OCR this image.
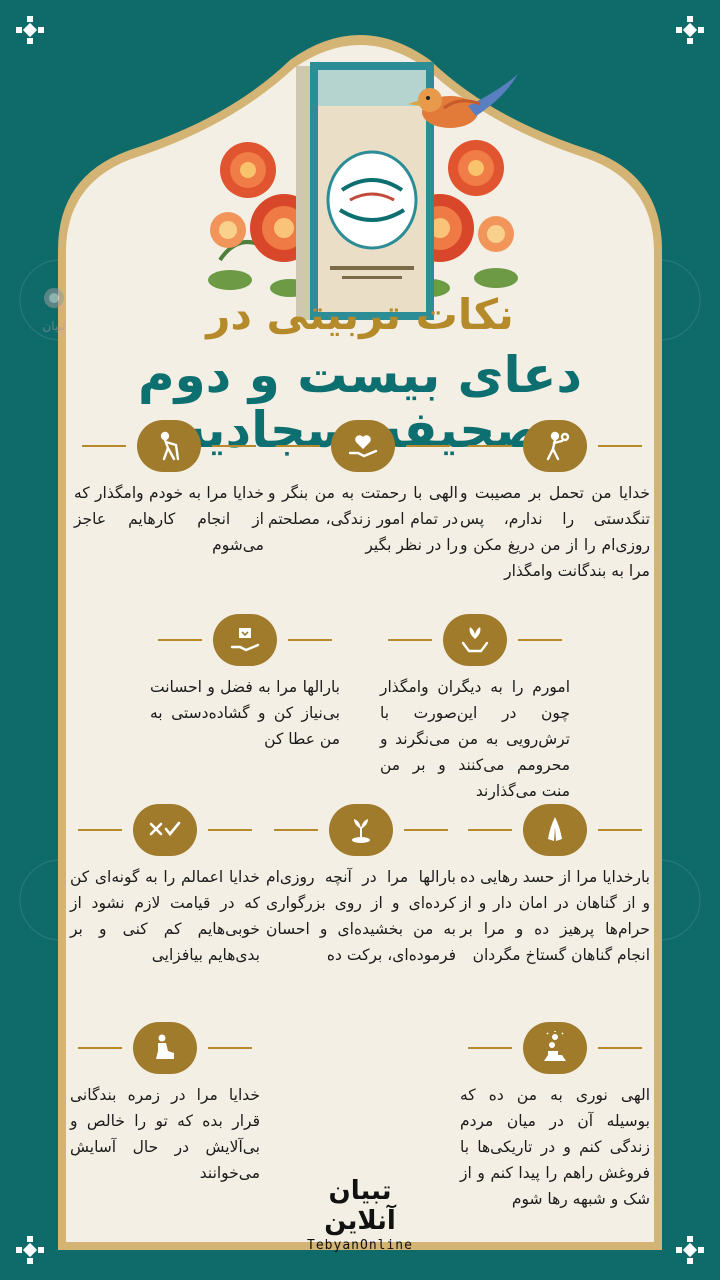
تبیان	نکات تربیتی در
دعای بیست و دوم صحیفه سجادیه
خدایا من تحمل بر مصیبت و تنگدستی را ندارم، پس روزی‌ام را از من دریغ مکن و مرا به بندگانت وامگذار
الهی با رحمتت به من بنگر و در تمام امور زندگی، مصلحتم را در نظر بگیر
خدایا مرا به خودم وامگذار که از انجام کارهایم عاجز می‌شوم
امورم را به دیگران وامگذار چون در این‌صورت با ترش‌رویی به من می‌نگرند و محرومم می‌کنند و بر من منت می‌گذارند
بارالها مرا به فضل و احسانت بی‌نیاز کن و گشاده‌دستی به من عطا کن
بارخدایا مرا از حسد رهایی ده و از گناهان در امان دار و از حرام‌ها پرهیز ده و مرا بر انجام گناهان گستاخ مگردان
بارالها مرا در آنچه روزی‌ام کرده‌ای و از روی بزرگواری به من بخشیده‌ای و احسان فرموده‌ای، برکت ده
خدایا اعمالم را به گونه‌ای کن که در قیامت لازم نشود از خوبی‌هایم کم کنی و بر بدی‌هایم بیافزایی
الهی نوری به من ده که بوسیله آن در میان مردم زندگی کنم و در تاریکی‌ها با فروغش راهم را پیدا کنم و از شک و شبهه رها شوم
خدایا مرا در زمره بندگانی قرار بده که تو را خالص و بی‌آلایش در حال آسایش می‌خوانند
تبیان آنلاین
TebyanOnline
